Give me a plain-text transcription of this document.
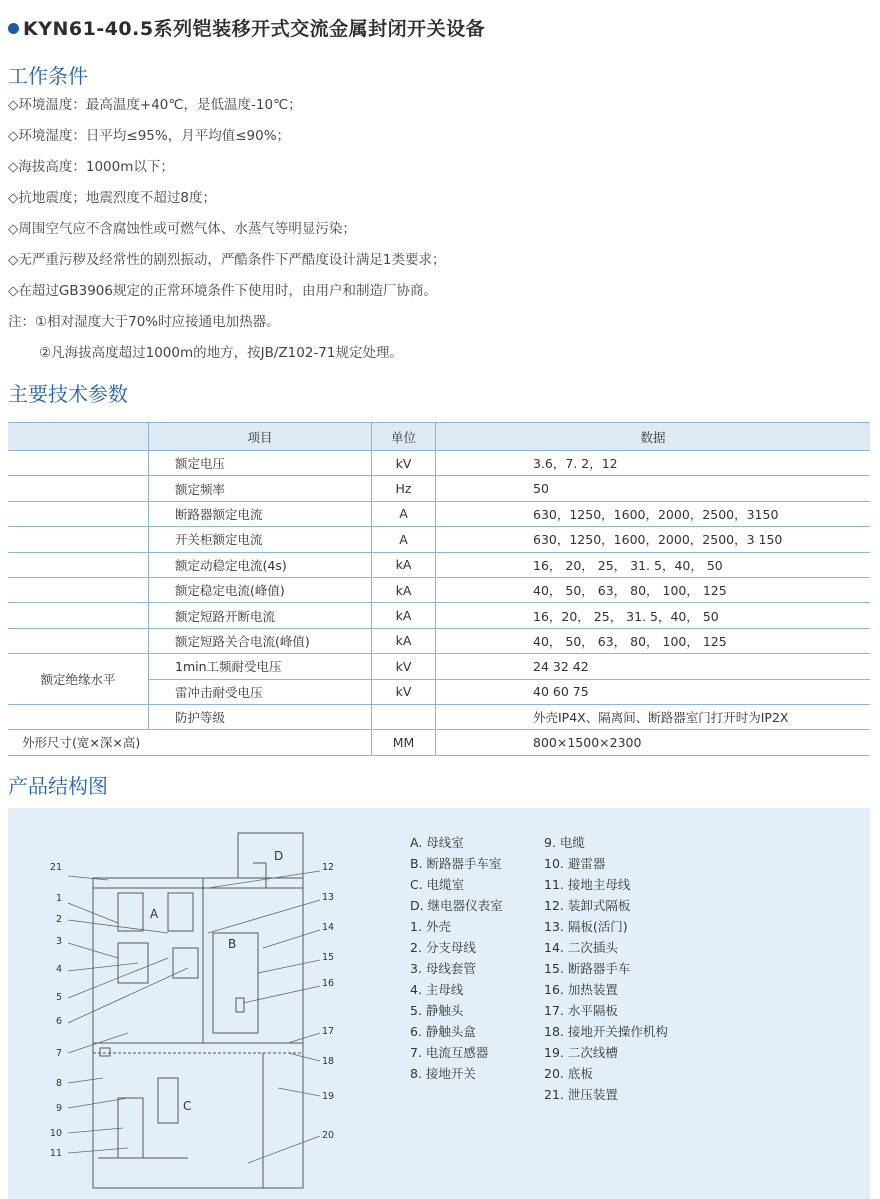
KYN61-40.5系列铠装移开式交流金属封闭开关设备
工作条件
◇环境温度：最高温度+40℃，是低温度-10℃；
◇环境湿度：日平均≤95%，月平均值≤90%；
◇海拔高度：1000m以下；
◇抗地震度；地震烈度不超过8度；
◇周围空气应不含腐蚀性或可燃气体、水蒸气等明显污染；
◇无严重污秽及经常性的剧烈振动，严酷条件下严酷度设计满足1类要求；
◇在超过GB3906规定的正常环境条件下使用时，由用户和制造厂协商。
注：①相对湿度大于70%时应接通电加热器。
②凡海拔高度超过1000m的地方，按JB/Z102-71规定处理。
主要技术参数
	项目	单位	数据
	额定电压	kV	3.6，7. 2，12
	额定频率	Hz	50
	断路器额定电流	A	630，1250，1600，2000，2500，3150
	开关柜额定电流	A	630，1250，1600，2000，2500，3 150
	额定动稳定电流(4s)	kA	16， 20， 25， 31. 5，40， 50
	额定稳定电流(峰值)	kA	40， 50， 63， 80， 100， 125
	额定短路开断电流	kA	16，20， 25， 31. 5，40， 50
	额定短路关合电流(峰值)	kA	40， 50， 63， 80， 100， 125
额定绝缘水平	1min工频耐受电压	kV	24 32 42
	雷冲击耐受电压	kV	40 60 75
	防护等级		外壳IP4X、隔离间、断路器室门打开时为IP2X
外形尺寸(宽×深×高)		MM	800×1500×2300
产品结构图
A
B
C
D
21
1
2
3
4
5
6
7
8
9
10
11
12
13
14
15
16
17
18
19
20
A. 母线室
B. 断路器手车室
C. 电缆室
D. 继电器仪表室
1. 外壳
2. 分支母线
3. 母线套管
4. 主母线
5. 静触头
6. 静触头盒
7. 电流互感器
8. 接地开关
9. 电缆
10. 避雷器
11. 接地主母线
12. 装卸式隔板
13. 隔板(活门)
14. 二次插头
15. 断路器手车
16. 加热装置
17. 水平隔板
18. 接地开关操作机构
19. 二次线槽
20. 底板
21. 泄压装置
